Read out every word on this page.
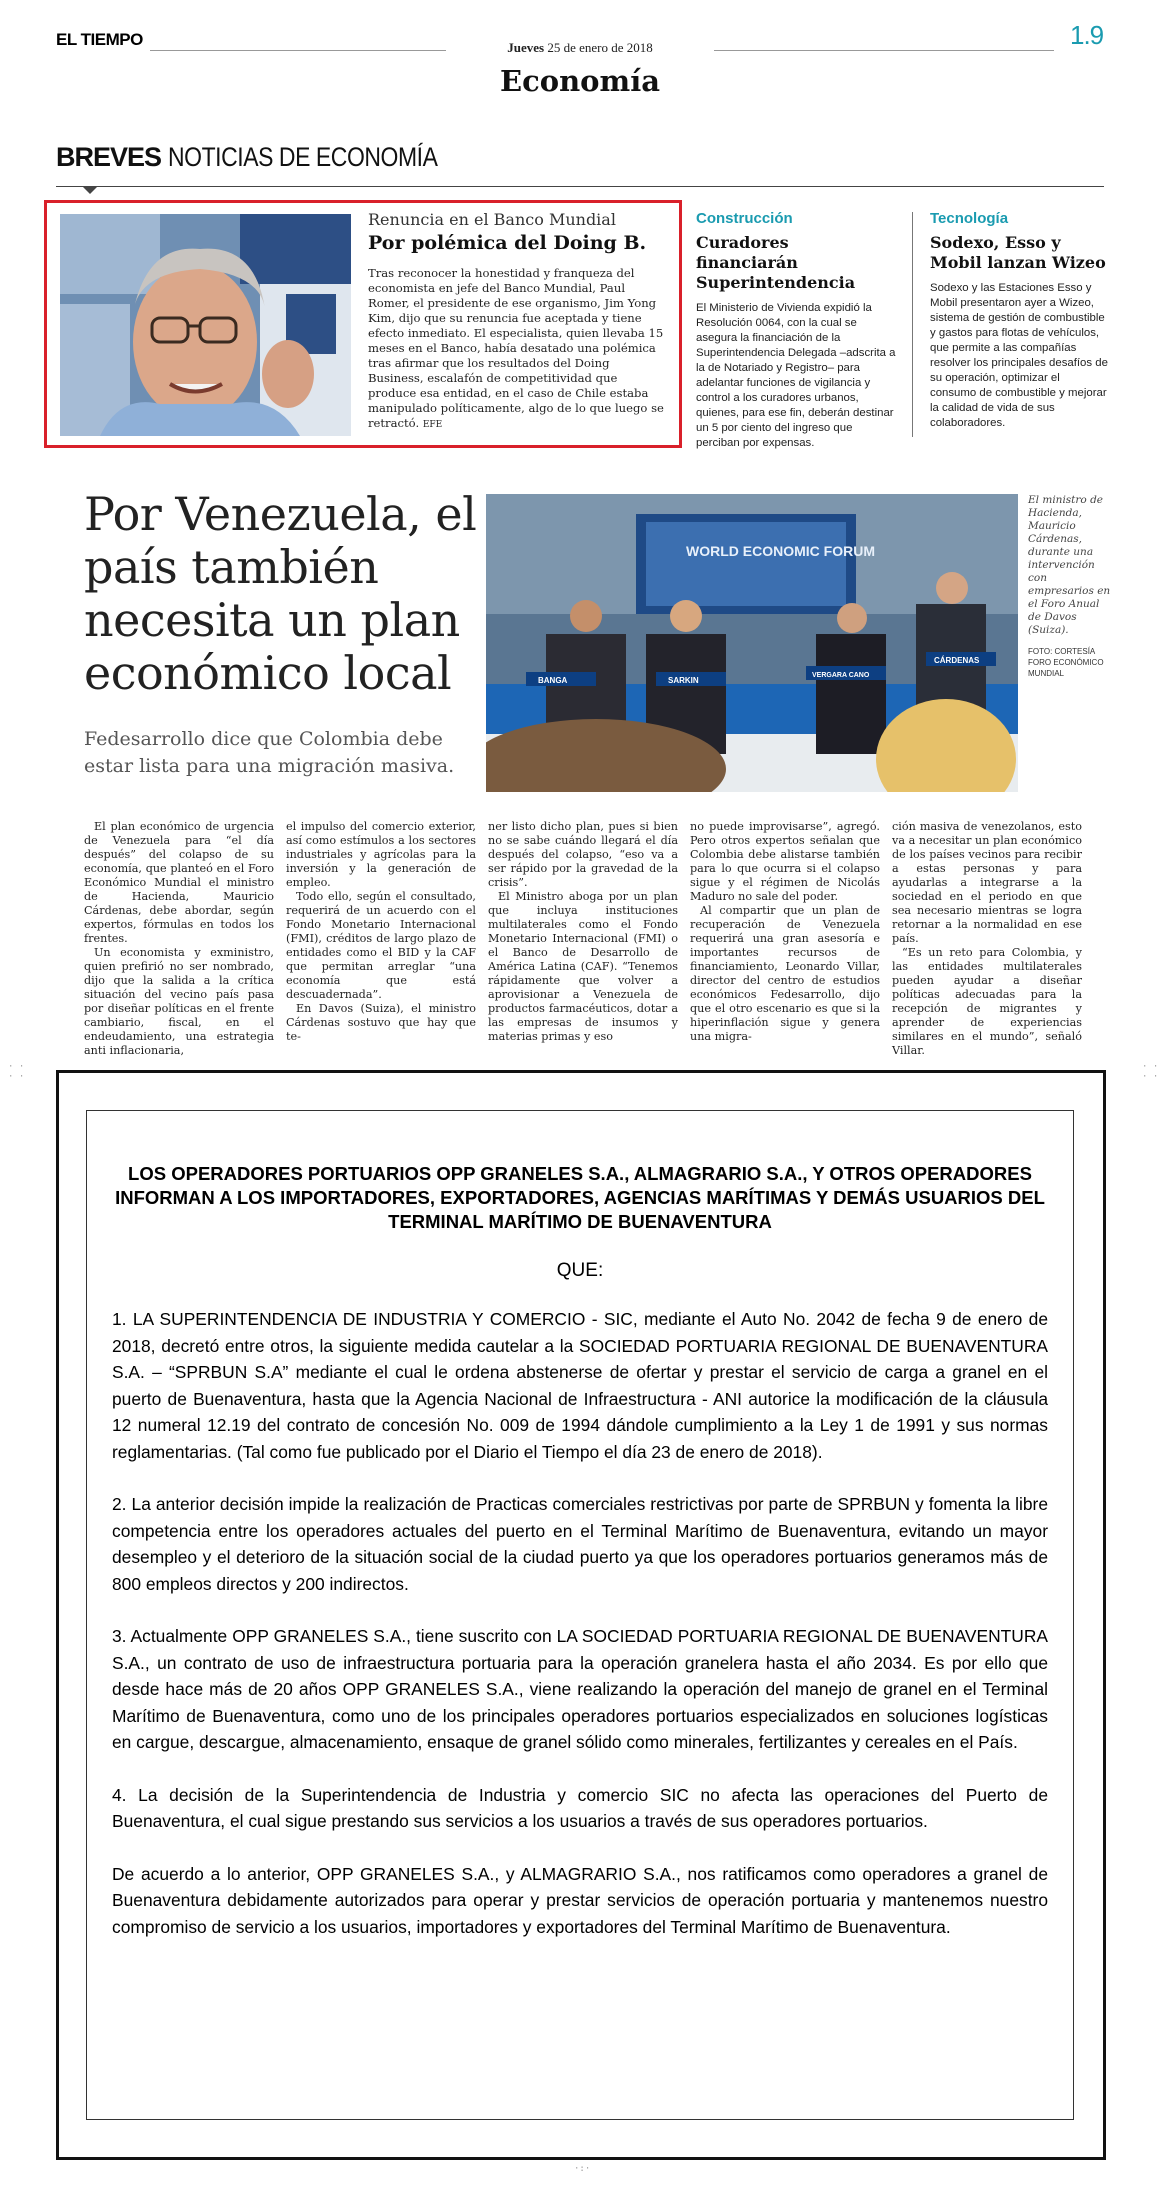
EL TIEMPO	Jueves 25 de enero de 2018	1.9
Economía
BREVES NOTICIAS DE ECONOMÍA
Renuncia en el Banco Mundial
Por polémica del Doing B.
Tras reconocer la honestidad y franqueza del economista en jefe del Banco Mundial, Paul Romer, el presidente de ese organismo, Jim Yong Kim, dijo que su renuncia fue aceptada y tiene efecto inmediato. El especialista, quien llevaba 15 meses en el Banco, había desatado una polémica tras afirmar que los resultados del Doing Business, escalafón de competitividad que produce esa entidad, en el caso de Chile estaba manipulado políticamente, algo de lo que luego se retractó. EFE
Construcción
Curadores financiarán Superintendencia
El Ministerio de Vivienda expidió la Resolución 0064, con la cual se asegura la financiación de la Superintendencia Delegada –adscrita a la de Notariado y Registro– para adelantar funciones de vigilancia y control a los curadores urbanos, quienes, para ese fin, deberán destinar un 5 por ciento del ingreso que perciban por expensas.
Tecnología
Sodexo, Esso y Mobil lanzan Wizeo
Sodexo y las Estaciones Esso y Mobil presentaron ayer a Wizeo, sistema de gestión de combustible y gastos para flotas de vehículos, que permite a las compañías resolver los principales desafíos de su operación, optimizar el consumo de combustible y mejorar la calidad de vida de sus colaboradores.
Por Venezuela, el país también necesita un plan económico local
Fedesarrollo dice que Colombia debe estar lista para una migración masiva.
WORLD ECONOMIC FORUM
BANGA	SARKIN
VERGARA CANO
CÁRDENAS
El ministro de Hacienda, Mauricio Cárdenas, durante una intervención con empresarios en el Foro Anual de Davos (Suiza).
FOTO: CORTESÍA FORO ECONÓMICO MUNDIAL

El plan económico de urgencia de Venezuela para “el día después” del colapso de su economía, que planteó en el Foro Económico Mundial el ministro de Hacienda, Mauricio Cárdenas, debe abordar, según expertos, fórmulas en todos los frentes.

Un economista y exministro, quien prefirió no ser nombrado, dijo que la salida a la crítica situación del vecino país pasa por diseñar políticas en el frente cambiario, fiscal, en el endeudamiento, una estrategia anti inflacionaria,

el impulso del comercio exterior, así como estímulos a los sectores industriales y agrícolas para la inversión y la generación de empleo.

Todo ello, según el consultado, requerirá de un acuerdo con el Fondo Monetario Internacional (FMI), créditos de largo plazo de entidades como el BID y la CAF que permitan arreglar “una economía que está descuadernada”.

En Davos (Suiza), el ministro Cárdenas sostuvo que hay que te-

ner listo dicho plan, pues si bien no se sabe cuándo llegará el día después del colapso, “eso va a ser rápido por la gravedad de la crisis”.

El Ministro aboga por un plan que incluya instituciones multilaterales como el Fondo Monetario Internacional (FMI) o el Banco de Desarrollo de América Latina (CAF). “Tenemos rápidamente que volver a aprovisionar a Venezuela de productos farmacéuticos, dotar a las empresas de insumos y materias primas y eso

no puede improvisarse”, agregó. Pero otros expertos señalan que Colombia debe alistarse también para lo que ocurra si el colapso sigue y el régimen de Nicolás Maduro no sale del poder.

Al compartir que un plan de recuperación de Venezuela requerirá una gran asesoría e importantes recursos de financiamiento, Leonardo Villar, director del centro de estudios económicos Fedesarrollo, dijo que el otro escenario es que si la hiperinflación sigue y genera una migra-

ción masiva de venezolanos, esto va a necesitar un plan económico de los países vecinos para recibir a estas personas y para ayudarlas a integrarse a la sociedad en el periodo en que sea necesario mientras se logra retornar a la normalidad en ese país.

“Es un reto para Colombia, y las entidades multilaterales pueden ayudar a diseñar políticas adecuadas para la recepción de migrantes y aprender de experiencias similares en el mundo”, señaló Villar.

· ·
· ·
· ·
· ·
LOS OPERADORES PORTUARIOS OPP GRANELES S.A., ALMAGRARIO S.A., Y OTROS OPERADORES INFORMAN A LOS IMPORTADORES, EXPORTADORES, AGENCIAS MARÍTIMAS Y DEMÁS USUARIOS DEL TERMINAL MARÍTIMO DE BUENAVENTURA
QUE:

1. LA SUPERINTENDENCIA DE INDUSTRIA Y COMERCIO - SIC, mediante el Auto No. 2042 de fecha 9 de enero de 2018, decretó entre otros, la siguiente medida cautelar a la SOCIEDAD PORTUARIA REGIONAL DE BUENAVENTURA S.A. – “SPRBUN S.A” mediante el cual le ordena abstenerse de ofertar y prestar el servicio de carga a granel en el puerto de Buenaventura, hasta que la Agencia Nacional de Infraestructura - ANI autorice la modificación de la cláusula 12 numeral 12.19 del contrato de concesión No. 009 de 1994 dándole cumplimiento a la Ley 1 de 1991 y sus normas reglamentarias. (Tal como fue publicado por el Diario el Tiempo el día 23 de enero de 2018).

2. La anterior decisión impide la realización de Practicas comerciales restrictivas por parte de SPRBUN y fomenta la libre competencia entre los operadores actuales del puerto en el Terminal Marítimo de Buenaventura, evitando un mayor desempleo y el deterioro de la situación social de la ciudad puerto ya que los operadores portuarios generamos más de 800 empleos directos y 200 indirectos.

3. Actualmente OPP GRANELES S.A., tiene suscrito con LA SOCIEDAD PORTUARIA REGIONAL DE BUENAVENTURA S.A., un contrato de uso de infraestructura portuaria para la operación granelera hasta el año 2034. Es por ello que desde hace más de 20 años OPP GRANELES S.A., viene realizando la operación del manejo de granel en el Terminal Marítimo de Buenaventura, como uno de los principales operadores portuarios especializados en soluciones logísticas en cargue, descargue, almacenamiento, ensaque de granel sólido como minerales, fertilizantes y cereales en el País.

4. La decisión de la Superintendencia de Industria y comercio SIC no afecta las operaciones del Puerto de Buenaventura, el cual sigue prestando sus servicios a los usuarios a través de sus operadores portuarios.

De acuerdo a lo anterior, OPP GRANELES S.A., y ALMAGRARIO S.A., nos ratificamos como operadores a granel de Buenaventura debidamente autorizados para operar y prestar servicios de operación portuaria y mantenemos nuestro compromiso de servicio a los usuarios, importadores y exportadores del Terminal Marítimo de Buenaventura.

·:·
